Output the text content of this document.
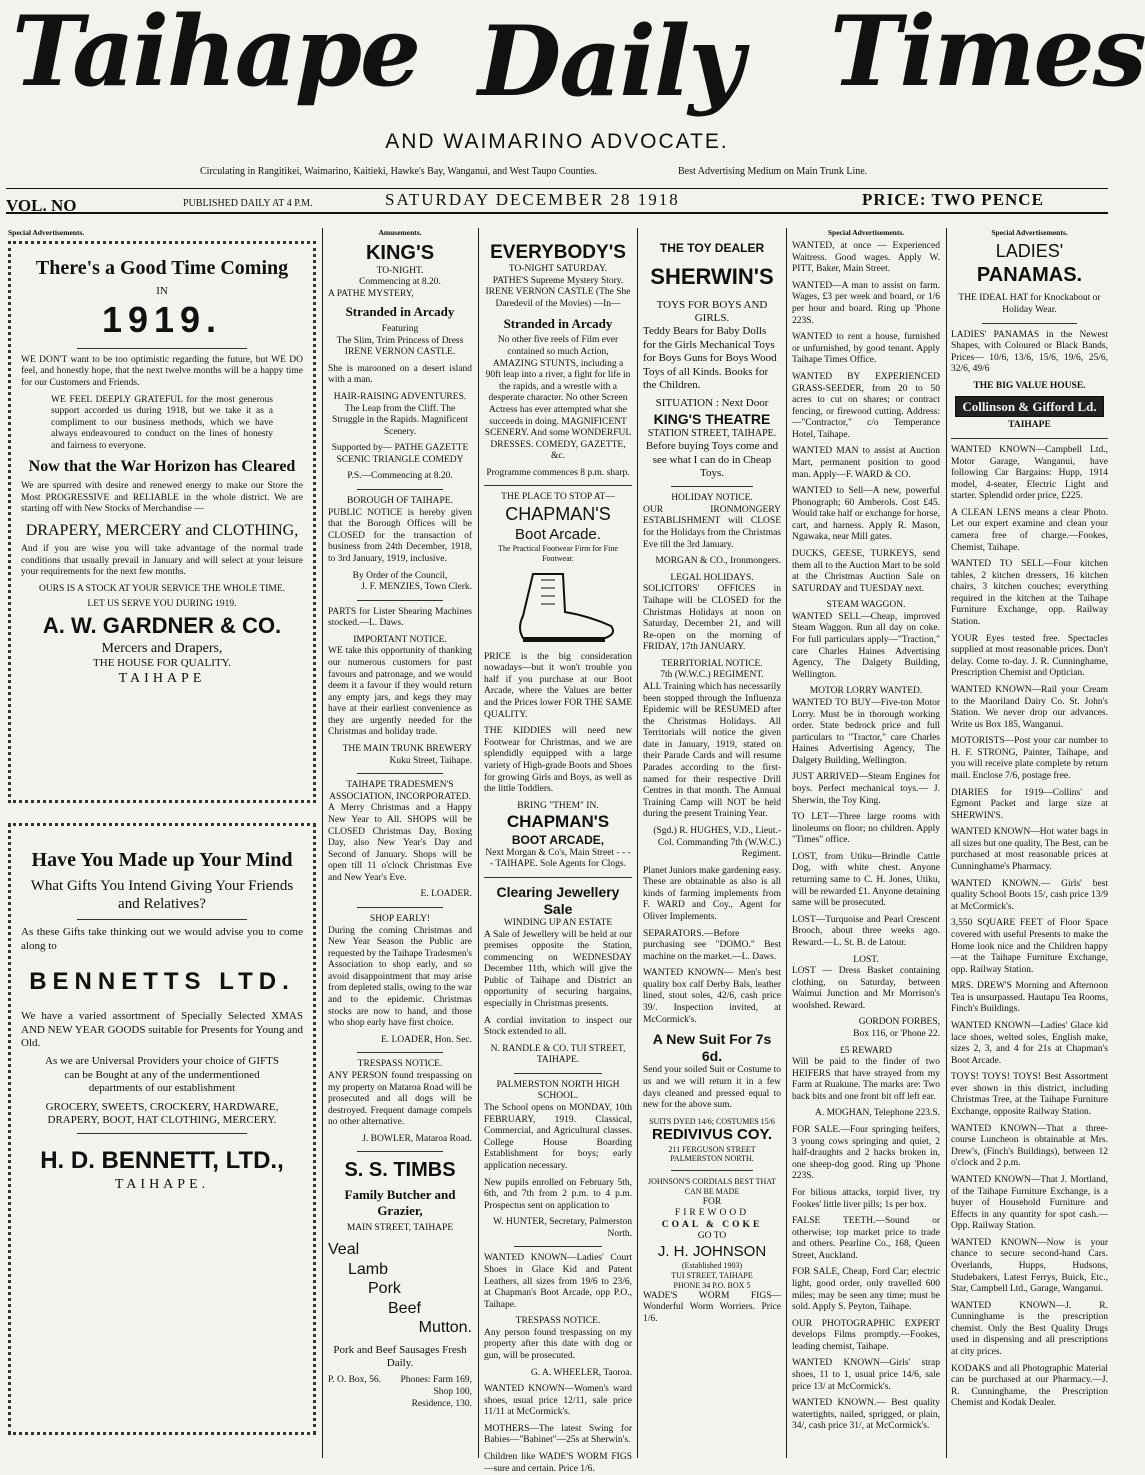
Taihape Daily Times
AND WAIMARINO ADVOCATE.
Circulating in Rangitikei, Waimarino, Kaitieki, Hawke's Bay, Wanganui, and West Taupo Counties.	Best Advertising Medium on Main Trunk Line.
VOL. NO	PUBLISHED DAILY AT 4 P.M.	SATURDAY DECEMBER 28 1918	PRICE: TWO PENCE
Special Advertisements.
There's a Good Time Coming
IN
1919.

WE DON'T want to be too optimistic regarding the future, but WE DO feel, and honestly hope, that the next twelve months will be a happy time for our Customers and Friends.

WE FEEL DEEPLY GRATEFUL for the most generous support accorded us during 1918, but we take it as a compliment to our business methods, which we have always endeavoured to conduct on the lines of honesty and fairness to everyone.

Now that the War Horizon has Cleared

We are spurred with desire and renewed energy to make our Store the Most PROGRESSIVE and RELIABLE in the whole district. We are starting off with New Stocks of Merchandise —

DRAPERY, MERCERY and CLOTHING,

And if you are wise you will take advantage of the normal trade conditions that usually prevail in January and will select at your leisure your requirements for the next few months.

OURS IS A STOCK AT YOUR SERVICE THE WHOLE TIME.
LET US SERVE YOU DURING 1919.
A. W. GARDNER & CO.
Mercers and Drapers,
THE HOUSE FOR QUALITY.
TAIHAPE
Have You Made up Your Mind
What Gifts You Intend Giving Your Friends and Relatives?

As these Gifts take thinking out we would advise you to come along to

BENNETTS LTD.

We have a varied assortment of Specially Selected XMAS AND NEW YEAR GOODS suitable for Presents for Young and Old.

As we are Universal Providers your choice of GIFTS can be Bought at any of the undermentioned departments of our establishment

GROCERY, SWEETS, CROCKERY, HARDWARE, DRAPERY, BOOT, HAT CLOTHING, MERCERY.

H. D. BENNETT, LTD.,
TAIHAPE.
Amusements.
KING'S
TO-NIGHT.
Commencing at 8.20.
A PATHE MYSTERY,
Stranded in Arcady
Featuring

The Slim, Trim Princess of Dress IRENE VERNON CASTLE.

She is marooned on a desert island with a man.

HAIR-RAISING ADVENTURES. The Leap from the Cliff. The Struggle in the Rapids. Magnificent Scenery.

Supported by— PATHE GAZETTE SCENIC TRIANGLE COMEDY

P.S.—Commencing at 8.20.

BOROUGH OF TAIHAPE.

PUBLIC NOTICE is hereby given that the Borough Offices will be CLOSED for the transaction of business from 24th December, 1918, to 3rd January, 1919, inclusive.

By Order of the Council,

J. F. MENZIES, Town Clerk.

PARTS for Lister Shearing Machines stocked.—L. Daws.

IMPORTANT NOTICE.

WE take this opportunity of thanking our numerous customers for past favours and patronage, and we would deem it a favour if they would return any empty jars, and kegs they may have at their earliest convenience as they are urgently needed for the Christmas and holiday trade.

THE MAIN TRUNK BREWERY Kuku Street, Taihape.

TAIHAPE TRADESMEN'S ASSOCIATION, INCORPORATED.

A Merry Christmas and a Happy New Year to All. SHOPS will be CLOSED Christmas Day, Boxing Day, also New Year's Day and Second of January. Shops will be open till 11 o'clock Christmas Eve and New Year's Eve.

E. LOADER.

SHOP EARLY!

During the coming Christmas and New Year Season the Public are requested by the Taihape Tradesmen's Association to shop early, and so avoid disappointment that may arise from depleted stalls, owing to the war and to the epidemic. Christmas stocks are now to hand, and those who shop early have first choice.

E. LOADER, Hon. Sec.

TRESPASS NOTICE.

ANY PERSON found trespassing on my property on Mataroa Road will be prosecuted and all dogs will be destroyed. Frequent damage compels no other alternative.

J. BOWLER, Mataroa Road.

S. S. TIMBS
Family Butcher and Grazier,
MAIN STREET, TAIHAPE
Veal
Lamb
Pork
Beef
Mutton.

Pork and Beef Sausages Fresh Daily.

P. O. Box, 56.	Phones: Farm 169, Shop 100, Residence, 130.
EVERYBODY'S
TO-NIGHT SATURDAY.

PATHE'S Supreme Mystery Story. IRENE VERNON CASTLE (The She Daredevil of the Movies) —In—

Stranded in Arcady

No other five reels of Film ever contained so much Action, AMAZING STUNTS, including a 90ft leap into a river, a fight for life in the rapids, and a wrestle with a desperate character. No other Screen Actress has ever attempted what she succeeds in doing. MAGNIFICENT SCENERY. And some WONDERFUL DRESSES. COMEDY, GAZETTE, &c.

Programme commences 8 p.m. sharp.

THE PLACE TO STOP AT—
CHAPMAN'S
Boot Arcade.
The Practical Footwear Firm for Fine Footwear.

PRICE is the big consideration nowadays—but it won't trouble you half if you purchase at our Boot Arcade, where the Values are better and the Prices lower FOR THE SAME QUALITY.

THE KIDDIES will need new Footwear for Christmas, and we are splendidly equipped with a large variety of High-grade Boots and Shoes for growing Girls and Boys, as well as the little Toddlers.

BRING "THEM" IN.
CHAPMAN'S
BOOT ARCADE,

Next Morgan & Co's, Main Street - - - - TAIHAPE. Sole Agents for Clogs.

Clearing Jewellery Sale
WINDING UP AN ESTATE

A Sale of Jewellery will be held at our premises opposite the Station, commencing on WEDNESDAY December 11th, which will give the Public of Taihape and District an opportunity of securing bargains, especially in Christmas presents.

A cordial invitation to inspect our Stock extended to all.

N. RANDLE & CO. TUI STREET, TAIHAPE.

PALMERSTON NORTH HIGH SCHOOL.

The School opens on MONDAY, 10th FEBRUARY, 1919. Classical, Commercial, and Agricultural classes. College House Boarding Establishment for boys; early application necessary.

New pupils enrolled on February 5th, 6th, and 7th from 2 p.m. to 4 p.m. Prospectus sent on application to

W. HUNTER, Secretary, Palmerston North.

WANTED KNOWN—Ladies' Court Shoes in Glace Kid and Patent Leathers, all sizes from 19/6 to 23/6, at Chapman's Boot Arcade, opp P.O., Taihape.

TRESPASS NOTICE.

Any person found trespassing on my property after this date with dog or gun, will be prosecuted.

G. A. WHEELER, Taoroa.

WANTED KNOWN—Women's ward shoes, usual price 12/11, sale price 11/11 at McCormick's.

MOTHERS—The latest Swing for Babies—"Babinet"—25s at Sherwin's.

Children like WADE'S WORM FIGS—sure and certain. Price 1/6.

THE TOY DEALER
SHERWIN'S
TOYS FOR BOYS AND GIRLS.

Teddy Bears for Baby Dolls for the Girls Mechanical Toys for Boys Guns for Boys Wood Toys of all Kinds. Books for the Children.

SITUATION : Next Door
KING'S THEATRE
STATION STREET, TAIHAPE.

Before buying Toys come and see what I can do in Cheap Toys.

HOLIDAY NOTICE.

OUR IRONMONGERY ESTABLISHMENT will CLOSE for the Holidays from the Christmas Eve till the 3rd January.

MORGAN & CO., Ironmongers.

LEGAL HOLIDAYS.

SOLICITORS' OFFICES in Taihape will be CLOSED for the Christmas Holidays at noon on Saturday, December 21, and will Re-open on the morning of FRIDAY, 17th JANUARY.

TERRITORIAL NOTICE.
7th (W.W.C.) REGIMENT.

ALL Training which has necessarily been stopped through the Influenza Epidemic will be RESUMED after the Christmas Holidays. All Territorials will notice the given date in January, 1919, stated on their Parade Cards and will resume Parades according to the first-named for their respective Drill Centres in that month. The Annual Training Camp will NOT be held during the present Training Year.

(Sgd.) R. HUGHES, V.D., Lieut.-Col. Commanding 7th (W.W.C.) Regiment.

Planet Juniors make gardening easy. These are obtainable as also is all kinds of farming implements from F. WARD and Coy., Agent for Oliver Implements.

SEPARATORS.—Before purchasing see "DOMO." Best machine on the market.—L. Daws.

WANTED KNOWN— Men's best quality box calf Derby Bals, leather lined, stout soles, 42/6, cash price 39/. Inspection invited, at McCormick's.

A New Suit For 7s 6d.

Send your soiled Suit or Costume to us and we will return it in a few days cleaned and pressed equal to new for the above sum.

SUITS DYED 14/6; COSTUMES 15/6
REDIVIVUS COY.
211 FERGUSON STREET PALMERSTON NORTH.
JOHNSON'S CORDIALS BEST THAT CAN BE MADE
FOR
FIREWOOD
COAL & COKE
GO TO
J. H. JOHNSON
(Established 1903)
TUI STREET, TAIHAPE
PHONE 34 P.O. BOX 5

WADE'S WORM FIGS—Wonderful Worm Worriers. Price 1/6.

Special Advertisements.

WANTED, at once — Experienced Waitress. Good wages. Apply W. PITT, Baker, Main Street.

WANTED—A man to assist on farm. Wages, £3 per week and board, or 1/6 per hour and board. Ring up 'Phone 223S.

WANTED to rent a house, furnished or unfurnished, by good tenant. Apply Taihape Times Office.

WANTED BY EXPERIENCED GRASS-SEEDER, from 20 to 50 acres to cut on shares; or contract fencing, or firewood cutting. Address:—"Contractor," c/o Temperance Hotel, Taihape.

WANTED MAN to assist at Auction Mart, permanent position to good man. Apply—F. WARD & CO.

WANTED to Sell—A new, powerful Phonograph; 60 Amberols. Cost £45. Would take half or exchange for horse, cart, and harness. Apply R. Mason, Ngawaka, near Mill gates.

DUCKS, GEESE, TURKEYS, send them all to the Auction Mart to be sold at the Christmas Auction Sale on SATURDAY and TUESDAY next.

STEAM WAGGON.

WANTED SELL—Cheap, improved Steam Waggon. Run all day on coke. For full particulars apply—"Traction," care Charles Haines Advertising Agency, The Dalgety Building, Wellington.

MOTOR LORRY WANTED.

WANTED TO BUY—Five-ton Motor Lorry. Must be in thorough working order. State bedrock price and full particulars to "Tractor," care Charles Haines Advertising Agency, The Dalgety Building, Wellington.

JUST ARRIVED—Steam Engines for boys. Perfect mechanical toys.— J. Sherwin, the Toy King.

TO LET—Three large rooms with linoleums on floor; no children. Apply "Times" office.

LOST, from Utiku—Brindle Cattle Dog, with white chest. Anyone returning same to C. H. Jones, Utiku, will be rewarded £1. Anyone detaining same will be prosecuted.

LOST—Turquoise and Pearl Crescent Brooch, about three weeks ago. Reward.—L. St. B. de Latour.

LOST.

LOST — Dress Basket containing clothing, on Saturday, between Waimui Junction and Mr Morrison's woolshed. Reward.

GORDON FORBES,

Box 116, or 'Phone 22.

£5 REWARD

Will be paid to the finder of two HEIFERS that have strayed from my Farm at Ruakune. The marks are: Two back bits and one front bit off left ear.

A. MOGHAN, Telephone 223.S.

FOR SALE.—Four springing heifers, 3 young cows springing and quiet, 2 half-draughts and 2 hacks broken in, one sheep-dog good. Ring up 'Phone 223S.

For bilious attacks, torpid liver, try Fookes' little liver pills; 1s per box.

FALSE TEETH.—Sound or otherwise; top market price to trade and others. Pearline Co., 168, Queen Street, Auckland.

FOR SALE, Cheap, Ford Car; electric light, good order, only travelled 600 miles; may be seen any time; must be sold. Apply S. Peyton, Taihape.

OUR PHOTOGRAPHIC EXPERT develops Films promptly.—Fookes, leading chemist, Taihape.

WANTED KNOWN—Girls' strap shoes, 11 to 1, usual price 14/6, sale price 13/ at McCormick's.

WANTED KNOWN.— Best quality watertights, nailed, sprigged, or plain, 34/, cash price 31/, at McCormick's.

Special Advertisements.
LADIES'
PANAMAS.

THE IDEAL HAT for Knockabout or Holiday Wear.

LADIES' PANAMAS in the Newest Shapes, with Coloured or Black Bands, Prices— 10/6, 13/6, 15/6, 19/6, 25/6, 32/6, 49/6

THE BIG VALUE HOUSE.
Collinson & Gifford Ld.
TAIHAPE

WANTED KNOWN—Campbell Ltd., Motor Garage, Wanganui, have following Car Bargains: Hupp, 1914 model, 4-seater, Electric Light and starter. Splendid order price, £225.

A CLEAN LENS means a clear Photo. Let our expert examine and clean your camera free of charge.—Fookes, Chemist, Taihape.

WANTED TO SELL—Four kitchen tables, 2 kitchen dressers, 16 kitchen chairs, 3 kitchen couches; everything required in the kitchen at the Taihape Furniture Exchange, opp. Railway Station.

YOUR Eyes tested free. Spectacles supplied at most reasonable prices. Don't delay. Come to-day. J. R. Cunninghame, Prescription Chemist and Optician.

WANTED KNOWN—Rail your Cream to the Maoriland Dairy Co. St. John's Station. We never drop our advances. Write us Box 185, Wanganui.

MOTORISTS—Post your car number to H. F. STRONG, Painter, Taihape, and you will receive plate complete by return mail. Enclose 7/6, postage free.

DIARIES for 1919—Collins' and Egmont Packet and large size at SHERWIN'S.

WANTED KNOWN—Hot water bags in all sizes but one quality, The Best, can be purchased at most reasonable prices at Cunninghame's Pharmacy.

WANTED KNOWN.— Girls' best quality School Boots 15/, cash price 13/9 at McCormick's.

3,550 SQUARE FEET of Floor Space covered with useful Presents to make the Home look nice and the Children happy—at the Taihape Furniture Exchange, opp. Railway Station.

MRS. DREW'S Morning and Afternoon Tea is unsurpassed. Hautapu Tea Rooms, Finch's Buildings.

WANTED KNOWN—Ladies' Glace kid lace shoes, welted soles, English make, sizes 2, 3, and 4 for 21s at Chapman's Boot Arcade.

TOYS! TOYS! TOYS! Best Assortment ever shown in this district, including Christmas Tree, at the Taihape Furniture Exchange, opposite Railway Station.

WANTED KNOWN—That a three-course Luncheon is obtainable at Mrs. Drew's, (Finch's Buildings), between 12 o'clock and 2 p.m.

WANTED KNOWN—That J. Mortland, of the Taihape Furniture Exchange, is a buyer of Household Furniture and Effects in any quantity for spot cash.—Opp. Railway Station.

WANTED KNOWN—Now is your chance to secure second-hand Cars. Overlands, Hupps, Hudsons, Studebakers, Latest Ferrys, Buick, Etc., Star, Campbell Ltd., Garage, Wanganui.

WANTED KNOWN—J. R. Cunninghame is the prescription chemist. Only the Best Quality Drugs used in dispensing and all prescriptions at city prices.

KODAKS and all Photographic Material can be purchased at our Pharmacy.—J. R. Cunninghame, the Prescription Chemist and Kodak Dealer.
